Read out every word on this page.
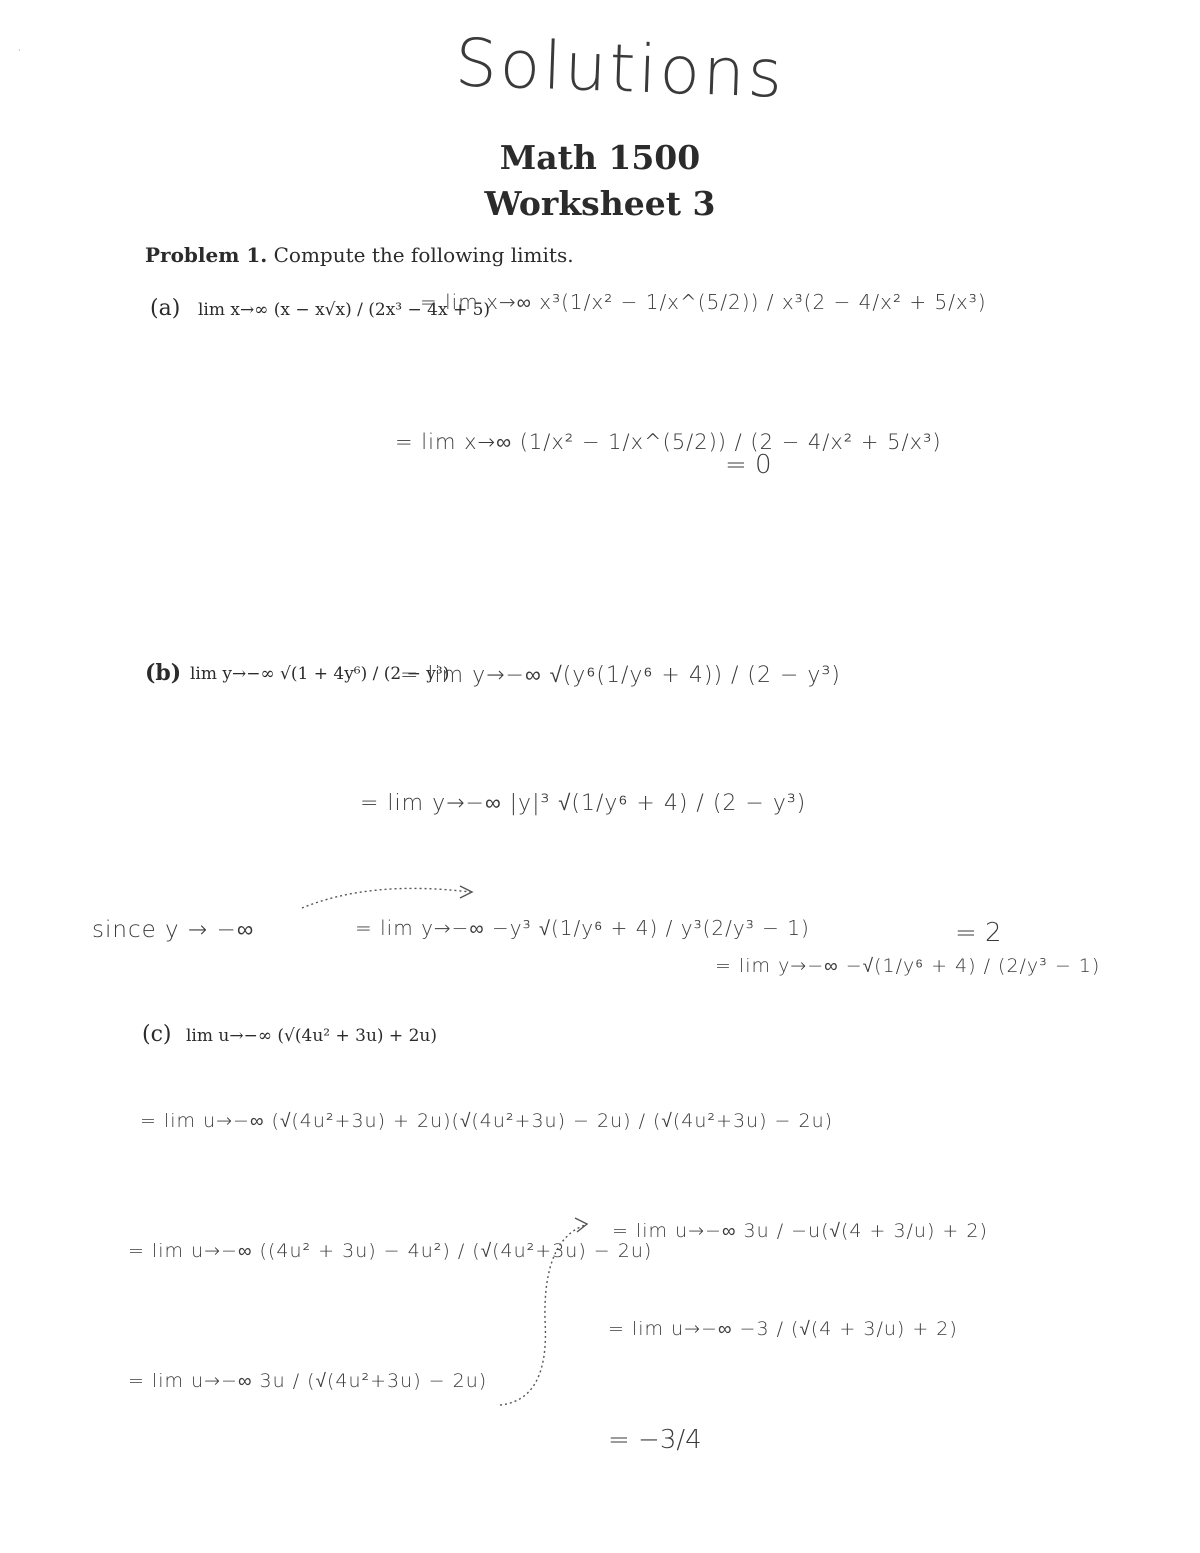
·	Solutions
Math 1500
Worksheet 3
Problem 1. Compute the following limits.
(a) lim x→∞ (x − x√x) / (2x³ − 4x + 5)
= lim x→∞ x³(1/x² − 1/x^(5/2)) / x³(2 − 4/x² + 5/x³)
= lim x→∞ (1/x² − 1/x^(5/2)) / (2 − 4/x² + 5/x³)
= 0
(b) lim y→−∞ √(1 + 4y⁶) / (2 − y³)
= lim y→−∞ √(y⁶(1/y⁶ + 4)) / (2 − y³)
= lim y→−∞ |y|³ √(1/y⁶ + 4) / (2 − y³)
since y → −∞	= lim y→−∞ −y³ √(1/y⁶ + 4) / y³(2/y³ − 1)
= lim y→−∞ −√(1/y⁶ + 4) / (2/y³ − 1)
= 2
(c) lim u→−∞ (√(4u² + 3u) + 2u)
= lim u→−∞ (√(4u²+3u) + 2u)(√(4u²+3u) − 2u) / (√(4u²+3u) − 2u)
= lim u→−∞ ((4u² + 3u) − 4u²) / (√(4u²+3u) − 2u)
= lim u→−∞ 3u / (√(4u²+3u) − 2u)
= lim u→−∞ 3u / −u(√(4 + 3/u) + 2)
= lim u→−∞ −3 / (√(4 + 3/u) + 2)
= −3/4
